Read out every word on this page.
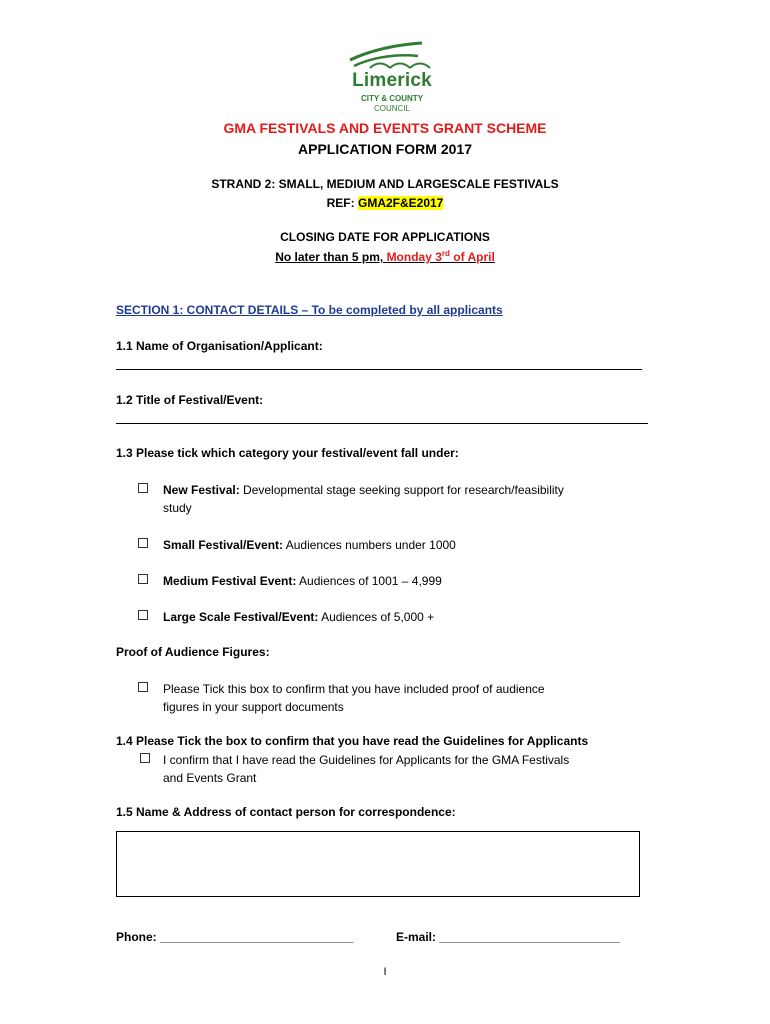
Limerick
CITY & COUNTY
COUNCIL
GMA FESTIVALS AND EVENTS GRANT SCHEME
APPLICATION FORM 2017
STRAND 2: SMALL, MEDIUM AND LARGESCALE FESTIVALS
REF: GMA2F&E2017
CLOSING DATE FOR APPLICATIONS
No later than 5 pm, Monday 3rd of April
SECTION 1: CONTACT DETAILS – To be completed by all applicants
1.1 Name of Organisation/Applicant:
1.2 Title of Festival/Event:
1.3 Please tick which category your festival/event fall under:
New Festival: Developmental stage seeking support for research/feasibility
study
Small Festival/Event: Audiences numbers under 1000
Medium Festival Event: Audiences of 1001 – 4,999
Large Scale Festival/Event: Audiences of 5,000 +
Proof of Audience Figures:
Please Tick this box to confirm that you have included proof of audience
figures in your support documents
1.4 Please Tick the box to confirm that you have read the Guidelines for Applicants
I confirm that I have read the Guidelines for Applicants for the GMA Festivals
and Events Grant
1.5 Name & Address of contact person for correspondence:
Phone: _____________________________	E-mail: ___________________________
I
